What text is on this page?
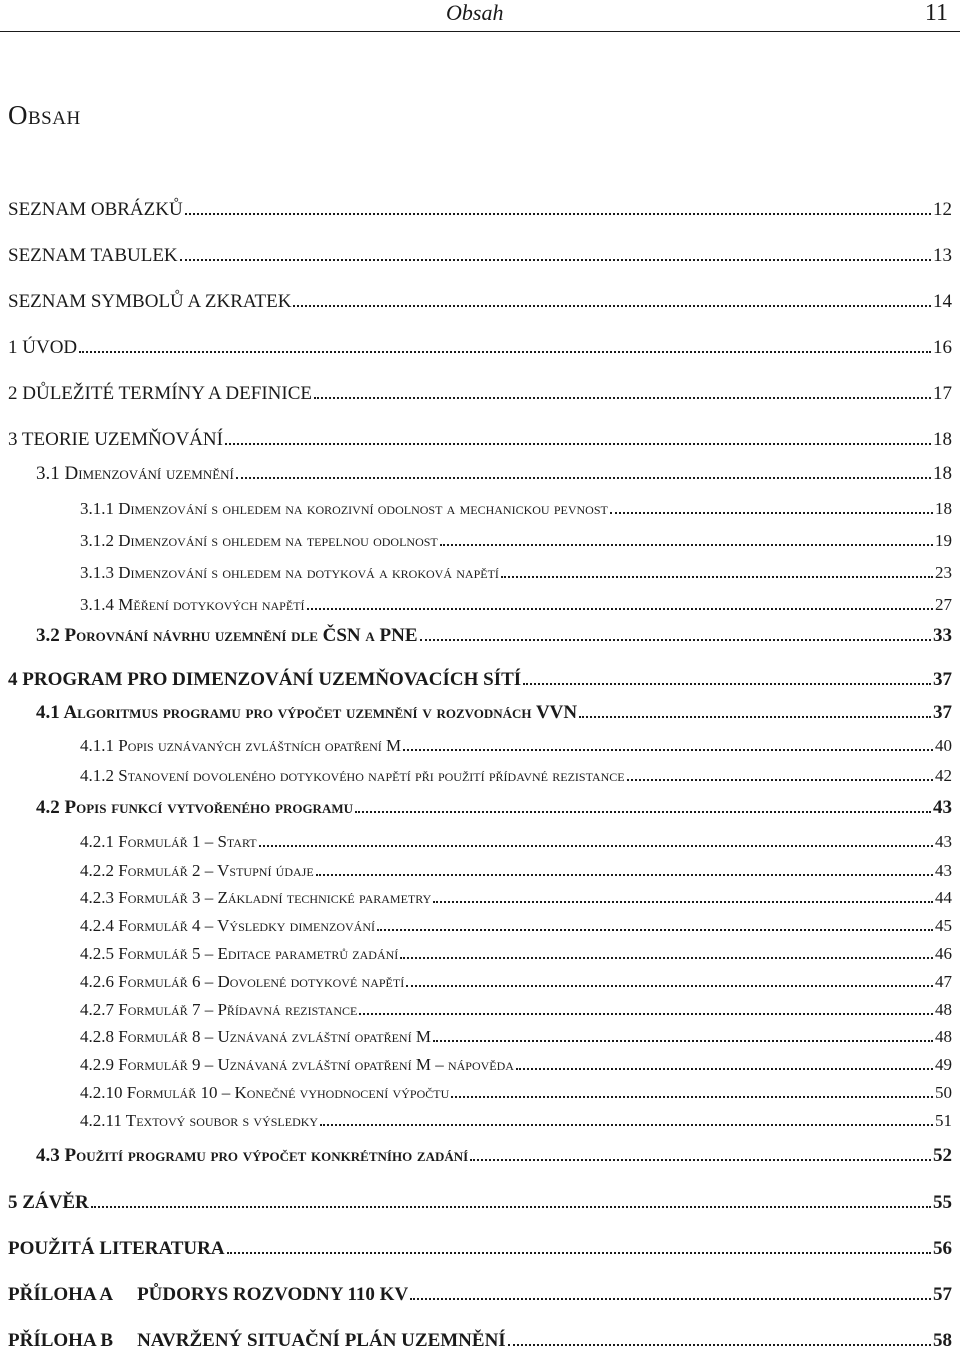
Obsah	11
Obsah
SEZNAM OBRÁZKŮ	12
SEZNAM TABULEK	13
SEZNAM SYMBOLŮ A ZKRATEK	14
1 ÚVOD	16
2 DŮLEŽITÉ TERMÍNY A DEFINICE	17
3 TEORIE UZEMŇOVÁNÍ	18
3.1 Dimenzování uzemnění	18
3.1.1 Dimenzování s ohledem na korozivní odolnost a mechanickou pevnost	18
3.1.2 Dimenzování s ohledem na tepelnou odolnost	19
3.1.3 Dimenzování s ohledem na dotyková a kroková napětí	23
3.1.4 Měření dotykových napětí	27
3.2 Porovnání návrhu uzemnění dle ČSN a PNE	33
4 PROGRAM PRO DIMENZOVÁNÍ UZEMŇOVACÍCH SÍTÍ	37
4.1 Algoritmus programu pro výpočet uzemnění v rozvodnách VVN	37
4.1.1 Popis uznávaných zvláštních opatření M	40
4.1.2 Stanovení dovoleného dotykového napětí při použití přídavné rezistance	42
4.2 Popis funkcí vytvořeného programu	43
4.2.1 Formulář 1 – Start	43
4.2.2 Formulář 2 – Vstupní údaje	43
4.2.3 Formulář 3 – Základní technické parametry	44
4.2.4 Formulář 4 – Výsledky dimenzování	45
4.2.5 Formulář 5 – Editace parametrů zadání	46
4.2.6 Formulář 6 – Dovolené dotykové napětí	47
4.2.7 Formulář 7 – Přídavná rezistance	48
4.2.8 Formulář 8 – Uznávaná zvláštní opatření M	48
4.2.9 Formulář 9 – Uznávaná zvláštní opatření M – nápověda	49
4.2.10 Formulář 10 – Konečné vyhodnocení výpočtu	50
4.2.11 Textový soubor s výsledky	51
4.3 Použití programu pro výpočet konkrétního zadání	52
5 ZÁVĚR	55
POUŽITÁ LITERATURA	56
PŘÍLOHA A PŮDORYS ROZVODNY 110 KV	57
PŘÍLOHA B NAVRŽENÝ SITUAČNÍ PLÁN UZEMNĚNÍ	58
